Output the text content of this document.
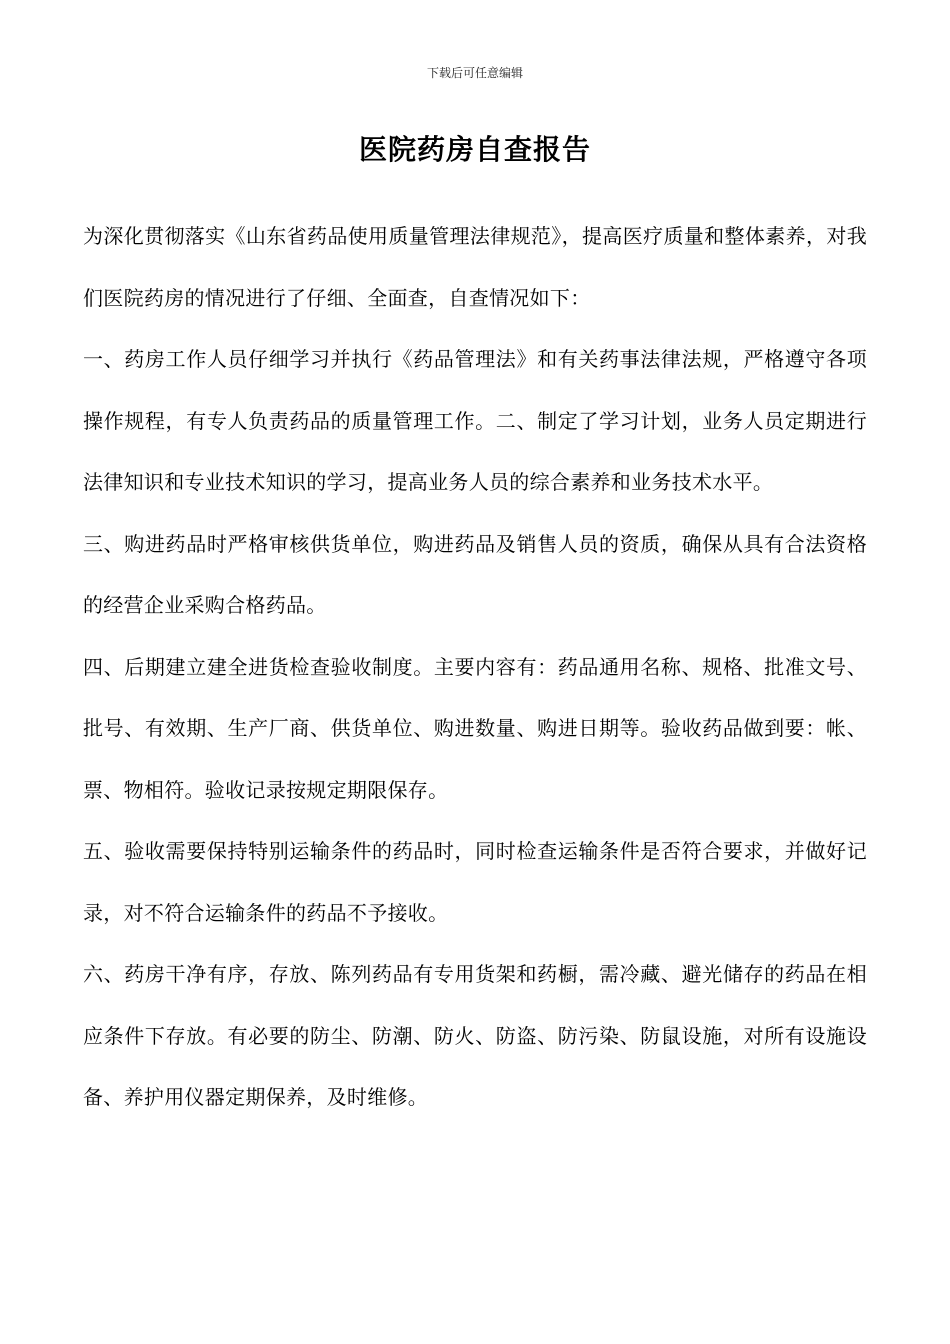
下载后可任意编辑
医院药房自查报告

为深化贯彻落实《山东省药品使用质量管理法律规范》，提高医疗质量和整体素养，对我们医院药房的情况进行了仔细、全面查，自查情况如下：

一、药房工作人员仔细学习并执行《药品管理法》和有关药事法律法规，严格遵守各项操作规程，有专人负责药品的质量管理工作。二、制定了学习计划，业务人员定期进行法律知识和专业技术知识的学习，提高业务人员的综合素养和业务技术水平。

三、购进药品时严格审核供货单位，购进药品及销售人员的资质，确保从具有合法资格的经营企业采购合格药品。

四、后期建立建全进货检查验收制度。主要内容有：药品通用名称、规格、批准文号、批号、有效期、生产厂商、供货单位、购进数量、购进日期等。验收药品做到要：帐、票、物相符。验收记录按规定期限保存。

五、验收需要保持特别运输条件的药品时，同时检查运输条件是否符合要求，并做好记录，对不符合运输条件的药品不予接收。

六、药房干净有序，存放、陈列药品有专用货架和药橱，需冷藏、避光储存的药品在相应条件下存放。有必要的防尘、防潮、防火、防盗、防污染、防鼠设施，对所有设施设备、养护用仪器定期保养，及时维修。
